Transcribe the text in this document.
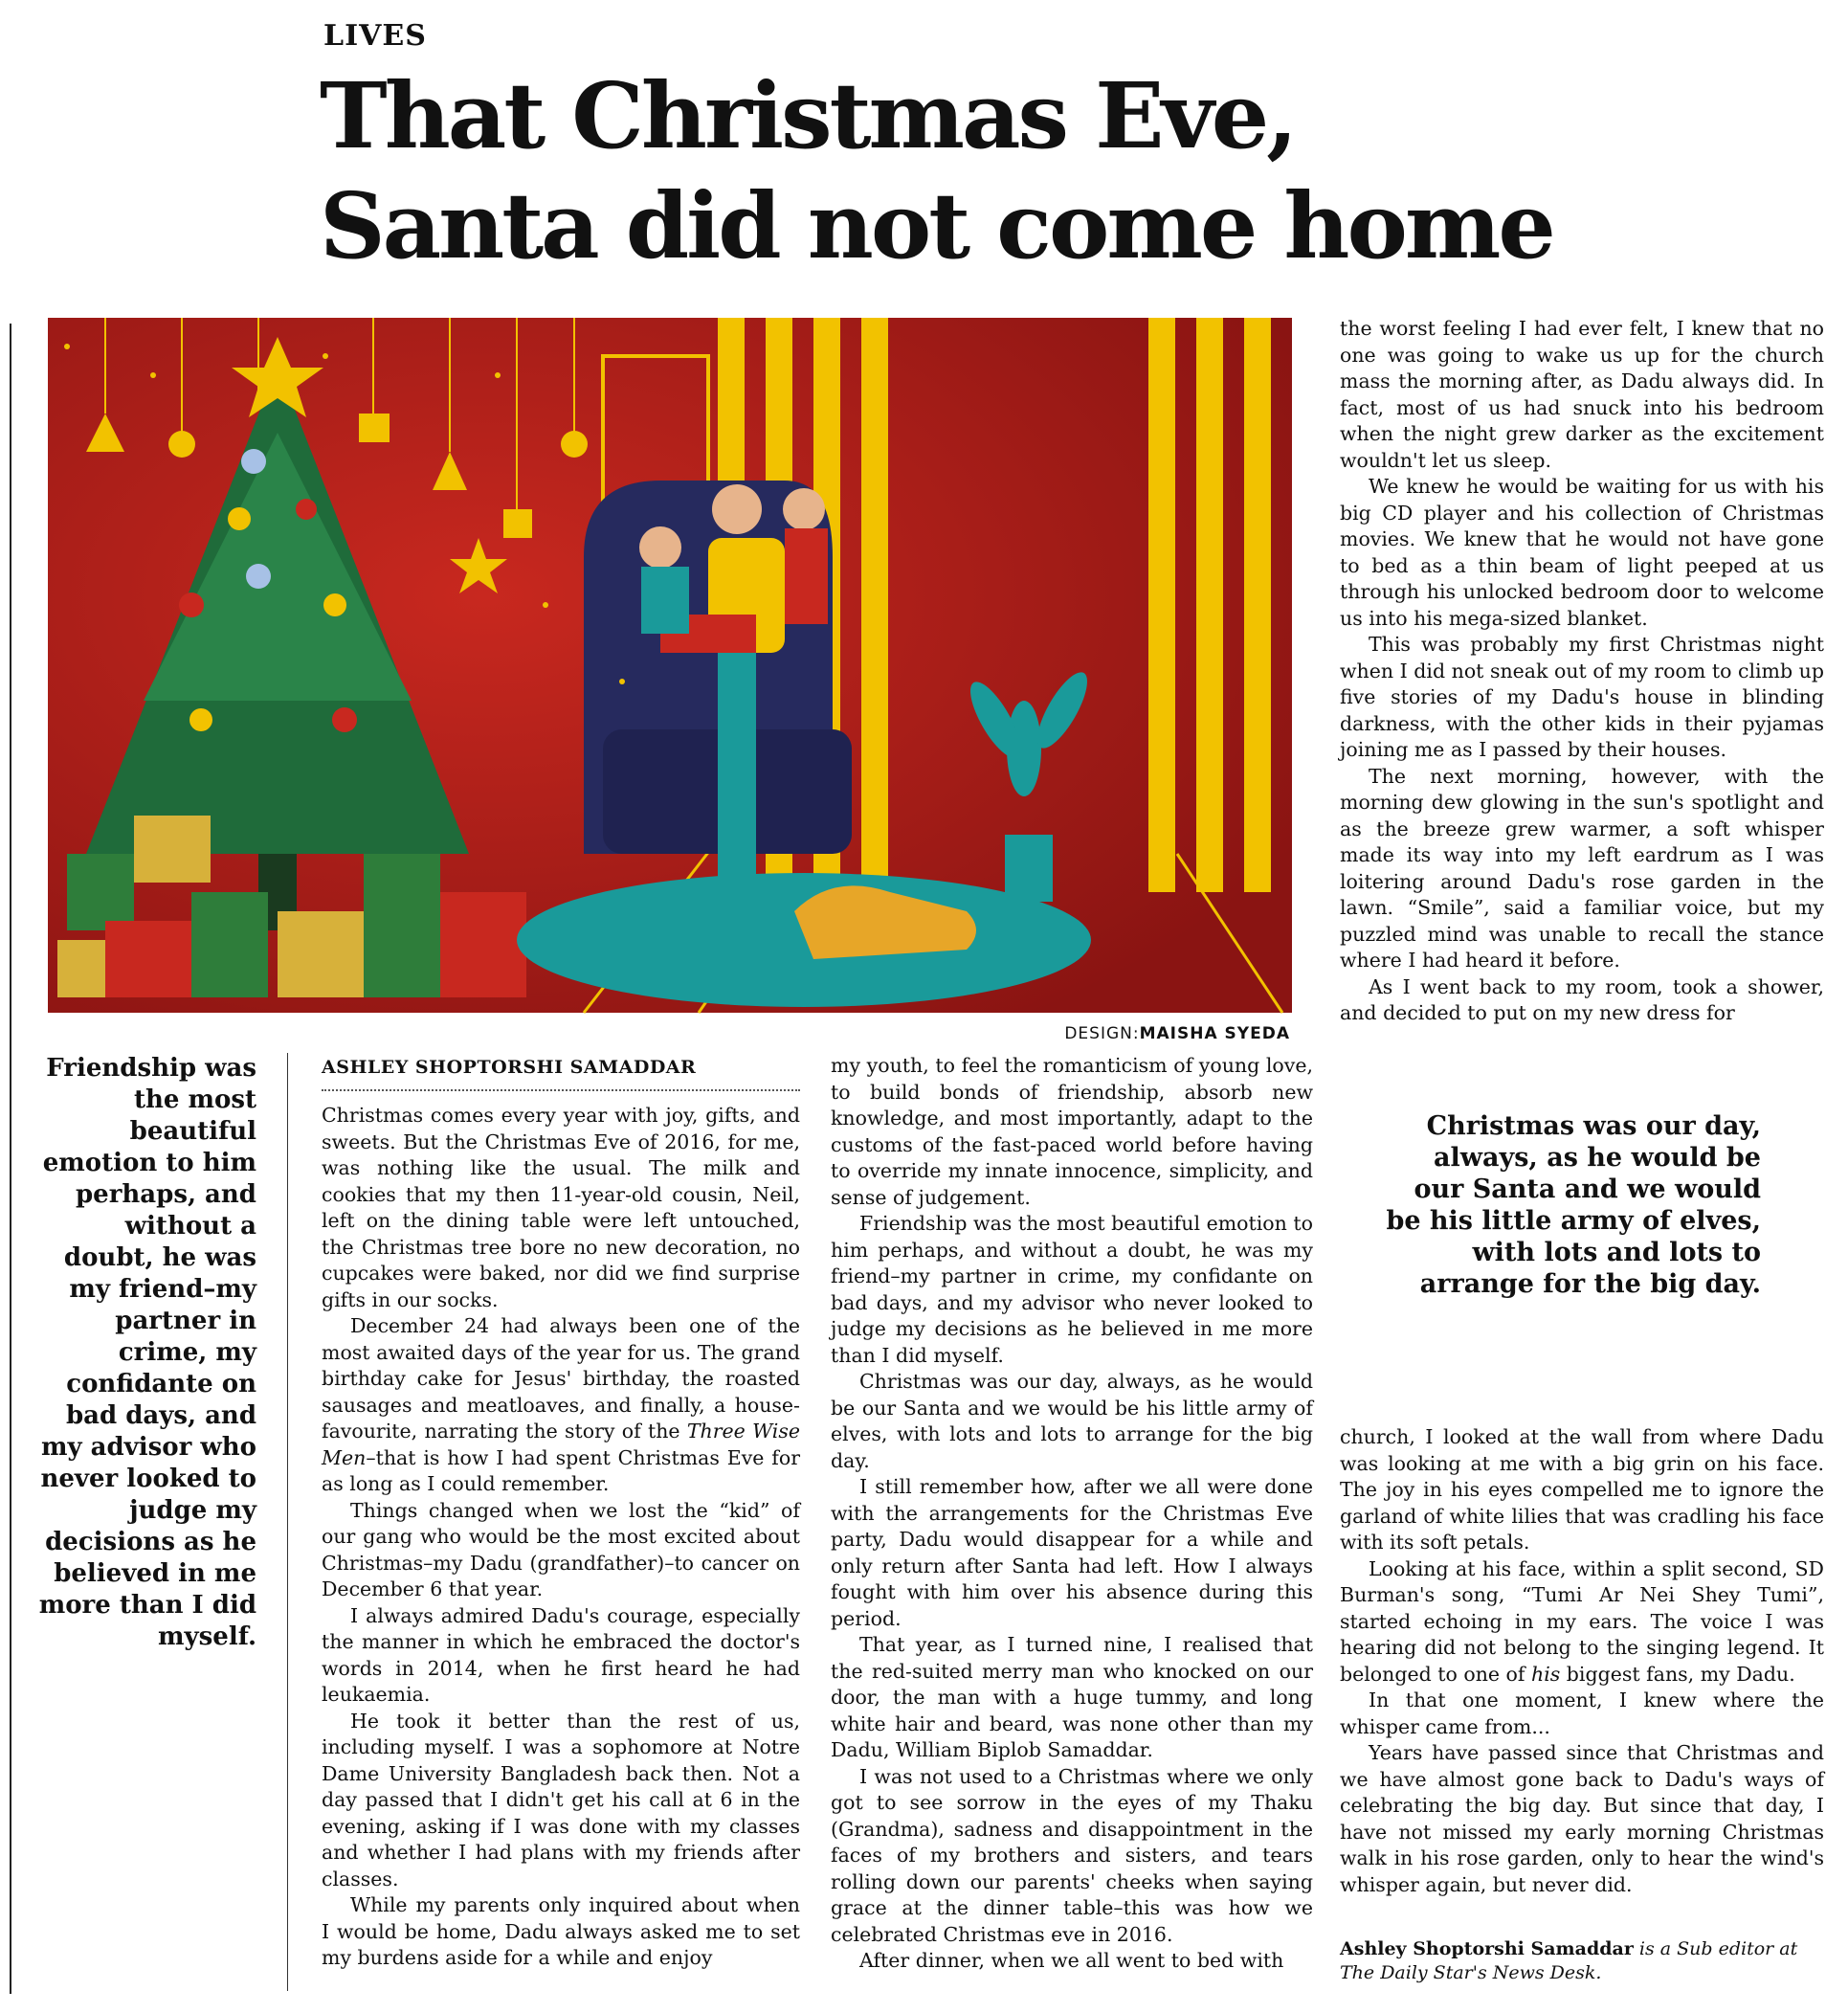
LIVES
That Christmas Eve,
Santa did not come home
DESIGN:MAISHA SYEDA
Friendship was the most beautiful emotion to him perhaps, and without a doubt, he was my friend–my partner in crime, my confidante on bad days, and my advisor who never looked to judge my decisions as he believed in me more than I did myself.
ASHLEY SHOPTORSHI SAMADDAR

Christmas comes every year with joy, gifts, and sweets. But the Christmas Eve of 2016, for me, was nothing like the usual. The milk and cookies that my then 11-year-old cousin, Neil, left on the dining table were left untouched, the Christmas tree bore no new decoration, no cupcakes were baked, nor did we find surprise gifts in our socks.

December 24 had always been one of the most awaited days of the year for us. The grand birthday cake for Jesus' birthday, the roasted sausages and meatloaves, and finally, a house-favourite, narrating the story of the Three Wise Men–that is how I had spent Christmas Eve for as long as I could remember.

Things changed when we lost the “kid” of our gang who would be the most excited about Christmas–my Dadu (grandfather)–to cancer on December 6 that year.

I always admired Dadu's courage, especially the manner in which he embraced the doctor's words in 2014, when he first heard he had leukaemia.

He took it better than the rest of us, including myself. I was a sophomore at Notre Dame University Bangladesh back then. Not a day passed that I didn't get his call at 6 in the evening, asking if I was done with my classes and whether I had plans with my friends after classes.

While my parents only inquired about when I would be home, Dadu always asked me to set my burdens aside for a while and enjoy

my youth, to feel the romanticism of young love, to build bonds of friendship, absorb new knowledge, and most importantly, adapt to the customs of the fast-paced world before having to override my innate innocence, simplicity, and sense of judgement.

Friendship was the most beautiful emotion to him perhaps, and without a doubt, he was my friend–my partner in crime, my confidante on bad days, and my advisor who never looked to judge my decisions as he believed in me more than I did myself.

Christmas was our day, always, as he would be our Santa and we would be his little army of elves, with lots and lots to arrange for the big day.

I still remember how, after we all were done with the arrangements for the Christmas Eve party, Dadu would disappear for a while and only return after Santa had left. How I always fought with him over his absence during this period.

That year, as I turned nine, I realised that the red-suited merry man who knocked on our door, the man with a huge tummy, and long white hair and beard, was none other than my Dadu, William Biplob Samaddar.

I was not used to a Christmas where we only got to see sorrow in the eyes of my Thaku (Grandma), sadness and disappointment in the faces of my brothers and sisters, and tears rolling down our parents' cheeks when saying grace at the dinner table–this was how we celebrated Christmas eve in 2016.

After dinner, when we all went to bed with

the worst feeling I had ever felt, I knew that no one was going to wake us up for the church mass the morning after, as Dadu always did. In fact, most of us had snuck into his bedroom when the night grew darker as the excitement wouldn't let us sleep.

We knew he would be waiting for us with his big CD player and his collection of Christmas movies. We knew that he would not have gone to bed as a thin beam of light peeped at us through his unlocked bedroom door to welcome us into his mega-sized blanket.

This was probably my first Christmas night when I did not sneak out of my room to climb up five stories of my Dadu's house in blinding darkness, with the other kids in their pyjamas joining me as I passed by their houses.

The next morning, however, with the morning dew glowing in the sun's spotlight and as the breeze grew warmer, a soft whisper made its way into my left eardrum as I was loitering around Dadu's rose garden in the lawn. “Smile”, said a familiar voice, but my puzzled mind was unable to recall the stance where I had heard it before.

As I went back to my room, took a shower, and decided to put on my new dress for

Christmas was our day, always, as he would be our Santa and we would be his little army of elves, with lots and lots to arrange for the big day.

church, I looked at the wall from where Dadu was looking at me with a big grin on his face. The joy in his eyes compelled me to ignore the garland of white lilies that was cradling his face with its soft petals.

Looking at his face, within a split second, SD Burman's song, “Tumi Ar Nei Shey Tumi”, started echoing in my ears. The voice I was hearing did not belong to the singing legend. It belonged to one of his biggest fans, my Dadu.

In that one moment, I knew where the whisper came from...

Years have passed since that Christmas and we have almost gone back to Dadu's ways of celebrating the big day. But since that day, I have not missed my early morning Christmas walk in his rose garden, only to hear the wind's whisper again, but never did.

Ashley Shoptorshi Samaddar is a Sub editor at The Daily Star's News Desk.
